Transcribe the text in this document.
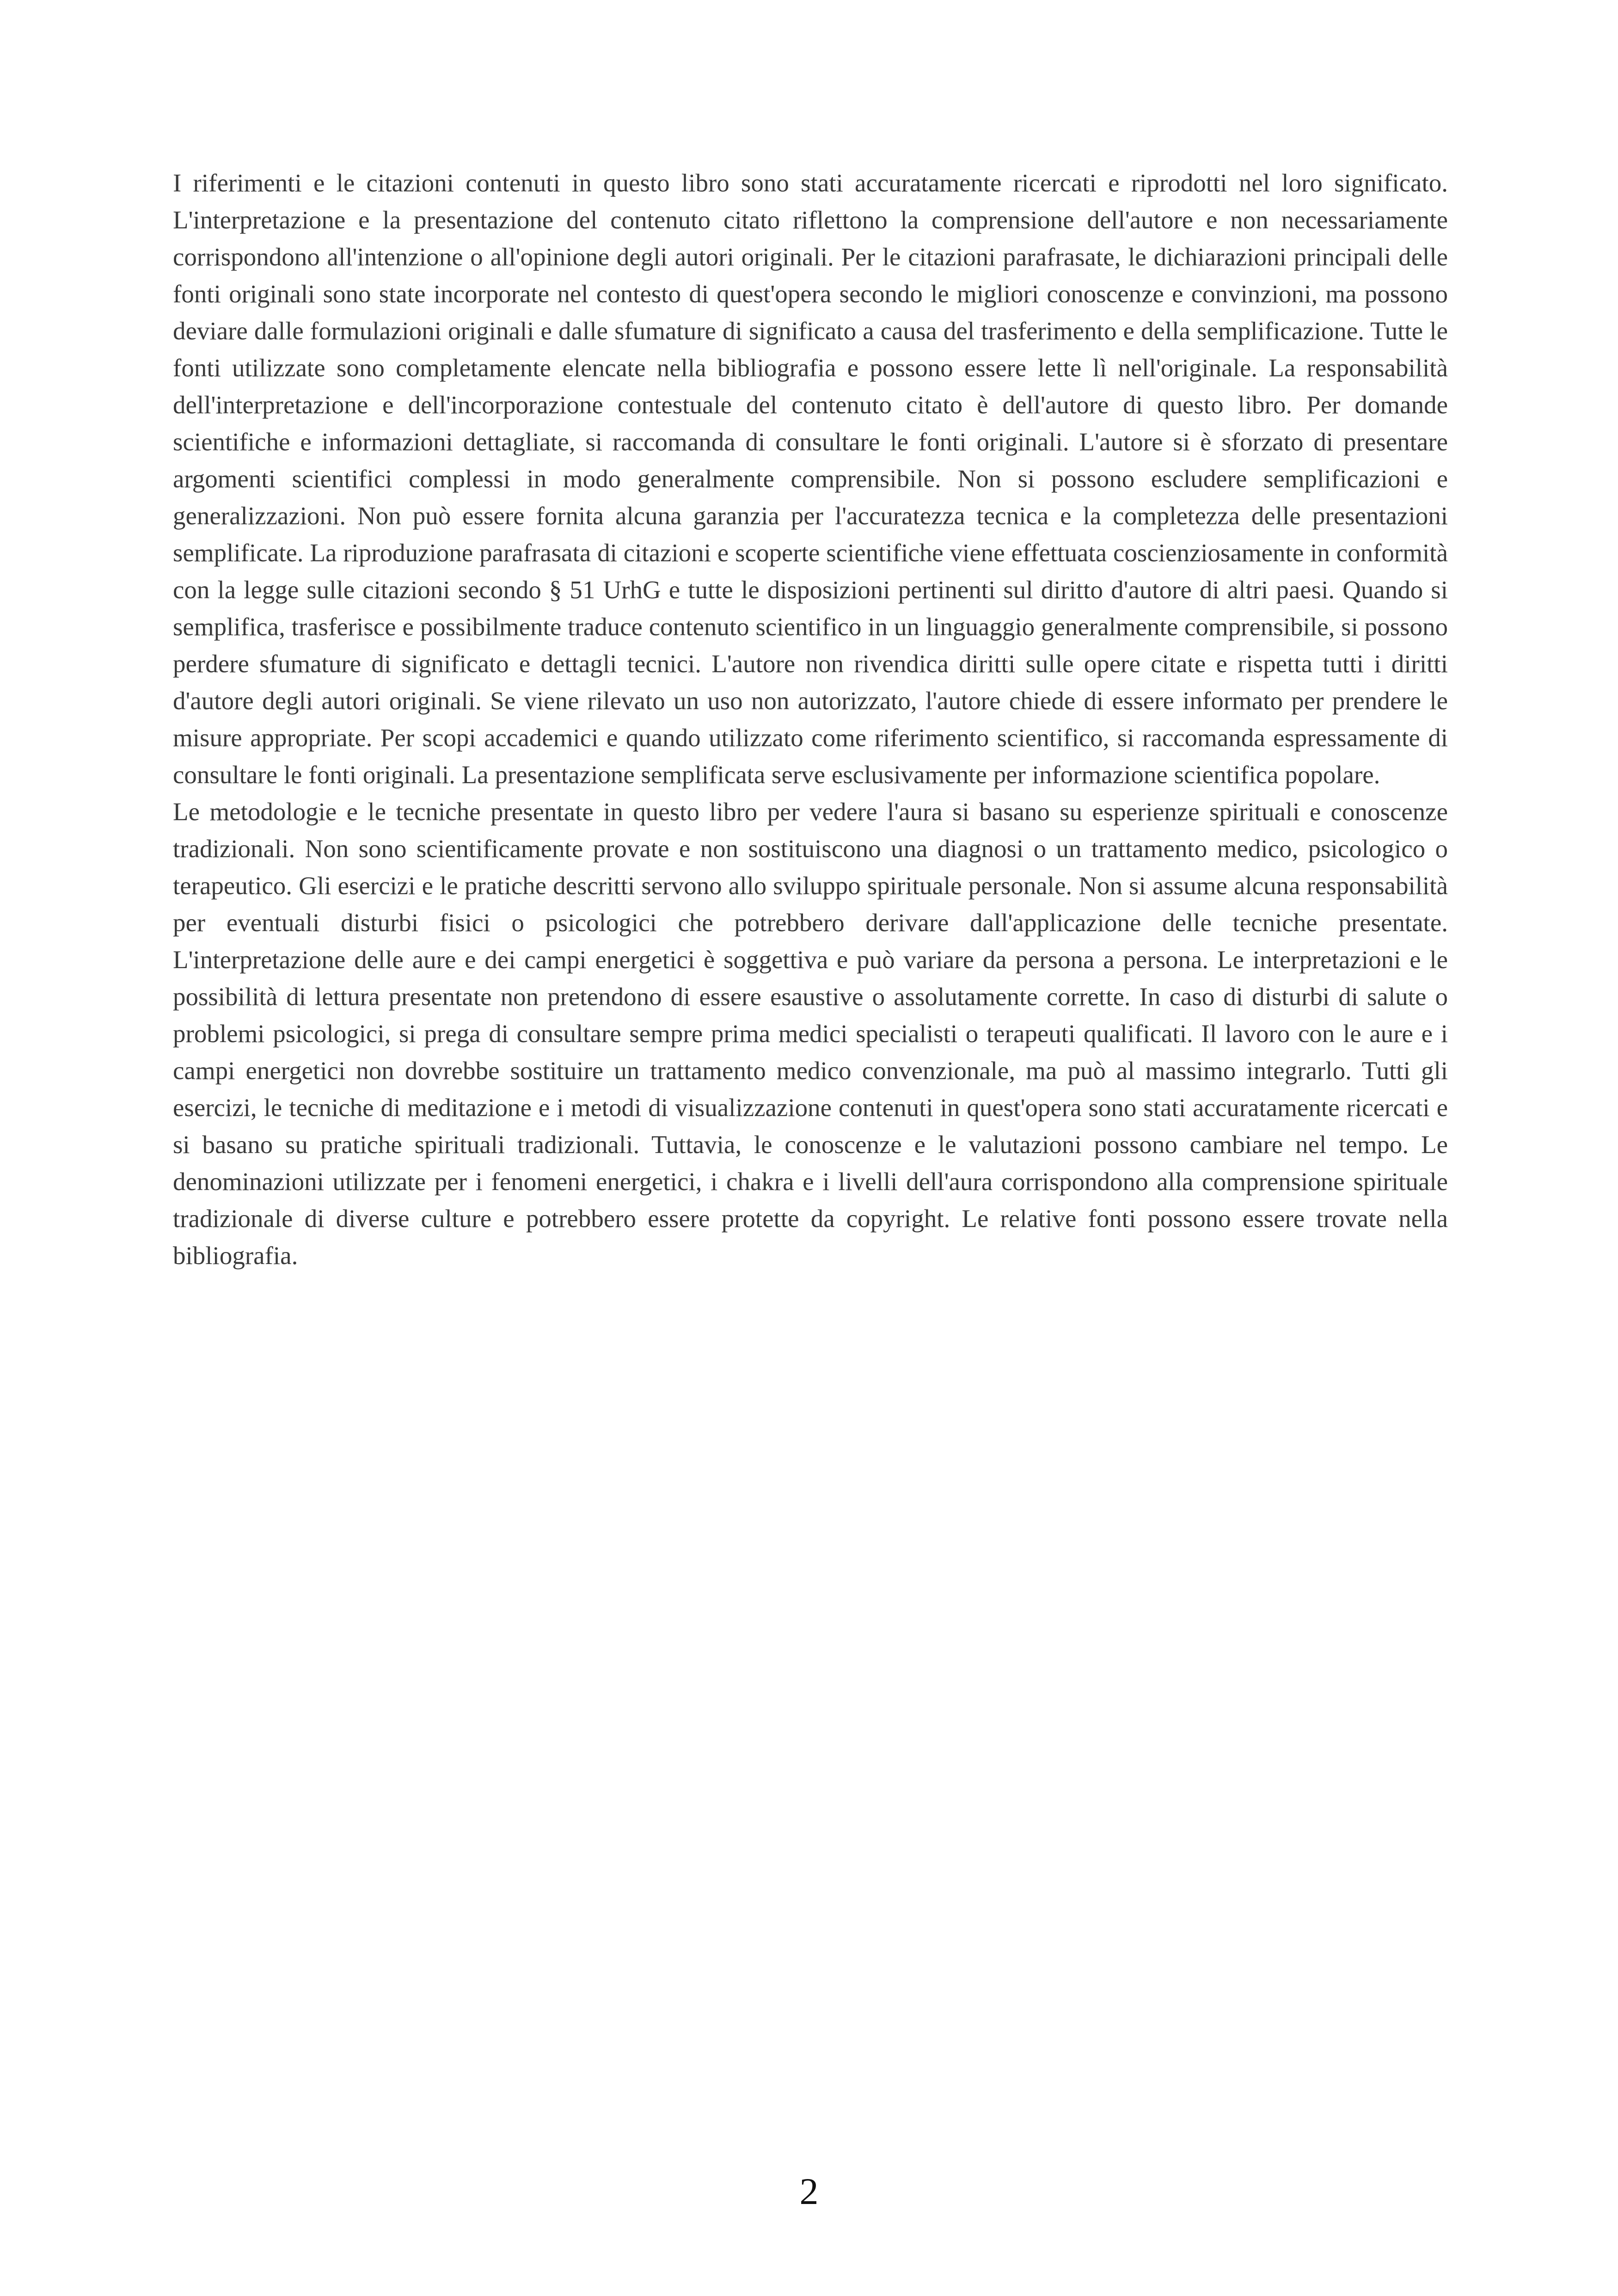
I riferimenti e le citazioni contenuti in questo libro sono stati accuratamente ricercati e riprodotti nel loro significato. L'interpretazione e la presentazione del contenuto citato riflettono la comprensione dell'autore e non necessariamente corrispondono all'intenzione o all'opinione degli autori originali. Per le citazioni parafrasate, le dichiarazioni principali delle fonti originali sono state incorporate nel contesto di quest'opera secondo le migliori conoscenze e convinzioni, ma possono deviare dalle formulazioni originali e dalle sfumature di significato a causa del trasferimento e della semplificazione. Tutte le fonti utilizzate sono completamente elencate nella bibliografia e possono essere lette lì nell'originale. La responsabilità dell'interpretazione e dell'incorporazione contestuale del contenuto citato è dell'autore di questo libro. Per domande scientifiche e informazioni dettagliate, si raccomanda di consultare le fonti originali. L'autore si è sforzato di presentare argomenti scientifici complessi in modo generalmente comprensibile. Non si possono escludere semplificazioni e generalizzazioni. Non può essere fornita alcuna garanzia per l'accuratezza tecnica e la completezza delle presentazioni semplificate. La riproduzione parafrasata di citazioni e scoperte scientifiche viene effettuata coscienziosamente in conformità con la legge sulle citazioni secondo § 51 UrhG e tutte le disposizioni pertinenti sul diritto d'autore di altri paesi. Quando si semplifica, trasferisce e possibilmente traduce contenuto scientifico in un linguaggio generalmente comprensibile, si possono perdere sfumature di significato e dettagli tecnici. L'autore non rivendica diritti sulle opere citate e rispetta tutti i diritti d'autore degli autori originali. Se viene rilevato un uso non autorizzato, l'autore chiede di essere informato per prendere le misure appropriate. Per scopi accademici e quando utilizzato come riferimento scientifico, si raccomanda espressamente di consultare le fonti originali. La presentazione semplificata serve esclusivamente per informazione scientifica popolare.

Le metodologie e le tecniche presentate in questo libro per vedere l'aura si basano su esperienze spirituali e conoscenze tradizionali. Non sono scientificamente provate e non sostituiscono una diagnosi o un trattamento medico, psicologico o terapeutico. Gli esercizi e le pratiche descritti servono allo sviluppo spirituale personale. Non si assume alcuna responsabilità per eventuali disturbi fisici o psicologici che potrebbero derivare dall'applicazione delle tecniche presentate. L'interpretazione delle aure e dei campi energetici è soggettiva e può variare da persona a persona. Le interpretazioni e le possibilità di lettura presentate non pretendono di essere esaustive o assolutamente corrette. In caso di disturbi di salute o problemi psicologici, si prega di consultare sempre prima medici specialisti o terapeuti qualificati. Il lavoro con le aure e i campi energetici non dovrebbe sostituire un trattamento medico convenzionale, ma può al massimo integrarlo. Tutti gli esercizi, le tecniche di meditazione e i metodi di visualizzazione contenuti in quest'opera sono stati accuratamente ricercati e si basano su pratiche spirituali tradizionali. Tuttavia, le conoscenze e le valutazioni possono cambiare nel tempo. Le denominazioni utilizzate per i fenomeni energetici, i chakra e i livelli dell'aura corrispondono alla comprensione spirituale tradizionale di diverse culture e potrebbero essere protette da copyright. Le relative fonti possono essere trovate nella bibliografia.

2
